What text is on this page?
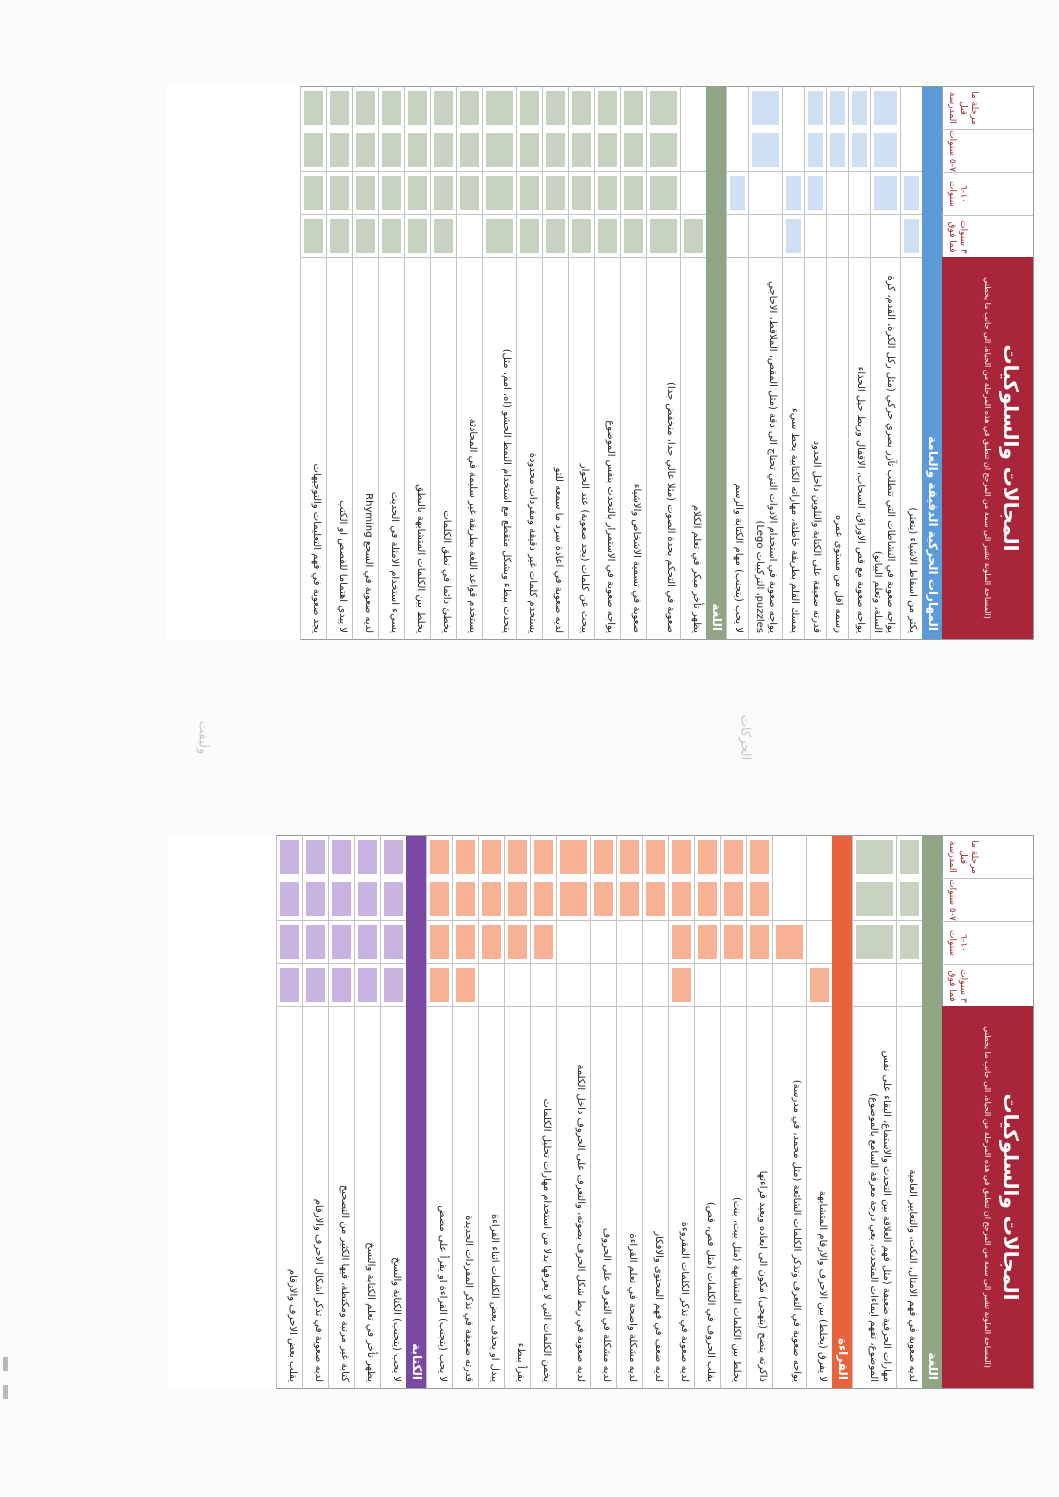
وليفت	الحركات
المجالات والسلوكيات
(المساحة الملونة تشير الى سمة من المرجح ان تنطبق في هذه المرحلة من الحياة، الى جانب ما يخطني
مرحلة ما قبل المدرسة
٧-٥ سنوات
١٠-٦ سنوات
٣ سنوات فما فوق
المهارات الحركية الدقيقة والعامة
يكثر من اسقاط الاشياء (يتعثر)
يواجه صعوبة في النشاطات التي تتطلب تآزر بصري حركي (مثل ركل الكرة، القدم، كرة السلة، وتعلم البيانو)
يواجه صعوبة مع قص الاوراق، السحاب، الاقفال وربط حبل الحذاء
رسمه اقل من مستوى عمره
قدرته ضعيفة على الكتابة والتلوين داخل الحدود
يمسك القلم بطريقة خاطئة، مهاراته الكتابية بخط سيء
يواجه صعوبة في استخدام الادوات التي تحتاج الى دقة (مثل المقص، الملاقط، الاحاجي puzzles، التركيبات Lego)
لا يحب (يتجنب) مهام الكتابة والرسم
اللغة
يظهر تأخر مبكر في تعلم الكلام
صعوبة في التحكم بحدة الصوت (مثلا عالي جدا، منخفض جدا)
صعوبة في تسمية الاشخاص والاشياء
يواجه صعوبة في الاستمرار بالتحدث بنفس الموضوع
يبحث عن كلمات (يجد صعوبة) عند الحوار
لديه صعوبة في اعادة سرد ما سمعه للتو
يستخدم كلمات غير دقيقة ومفردات محدودة
يتحدث ببطء وبشكل متقطع مع استخدام النمط الحشو (اه، امم، مثل)
يستخدم قواعد اللغة بطريقة غير سليمة في المحادثة
يخطئ دائما في نطق الكلمات
يخلط بين الكلمات المتشابهة بالنطق
يسيء استخدام الامثلة في الحديث
لديه صعوبة في السجع Rhyming
لا يبدي اهتماما للقصص او الكتب
يجد صعوبة في فهم التعليمات والتوجيهات
المجالات والسلوكيات
(المساحة الملونة تشير الى سمة من المرجح ان تنطبق في هذه المرحلة من الحياة، الى جانب ما يخطني
مرحلة ما قبل المدرسة
٧-٥ سنوات
١٠-٦ سنوات
٣ سنوات فما فوق
اللغة
لديه صعوبة في فهم الامثال، النكت، والتعابير العامية
مهارات الحرفية ضعيفة (مثل فهم العلاقة بين التحدث والاستماع، البقاء على نفس الموضوع، تفهم ايماءات المتحدث، يعي درجة معرفة السامع بالموضوع)
القراءة
لا يفرق (يخلط) بين الاحرف والارقام المتشابهة
يواجه صعوبة في التعرف وتذكر الكلمات الشائعة (مثل محمد، في مدرسة)
ذاكرته يتضح (يتهجى) مكون الى ابعاده ويعيد قراءتها
يخلط بين الكلمات المتشابهة (مثل بيت، بنت)
يقلب الحروف في الكلمات (مثل فص، قص)
لديه صعوبة في تذكر الكلمات المقروءة
لديه ضعف في فهم المحتوى والافكار
لديه مشكلة واضحة في تعلم القراءة
لديه مشكلة في التعرف على الحروف
لديه صعوبة في ربط شكل الحرف بصوته، والتعرف على الحروف داخل الكلمة
يخمن الكلمات التي لا يعرفها بدلا من استخدام مهارات تحليل الكلمات
يقرأ ببطء
يبدل او يحذف بعض الكلمات اثناء القراءة
قدرته ضعيفة في تذكر المفردات الجديدة
لا يحب (يتجنب) القراءة او يقرأ على مضض
الكتابة
لا يحب (يتجنب) الكتابة والنسخ
يظهر تأخر في تعلم الكتابة والنسخ
كتابة غير مرتبة ومكتظة، فيها الكثير من التصحيح
لديه صعوبة في تذكر اشكال الاحرف والارقام
يقلب بعض الاحرف والارقام
